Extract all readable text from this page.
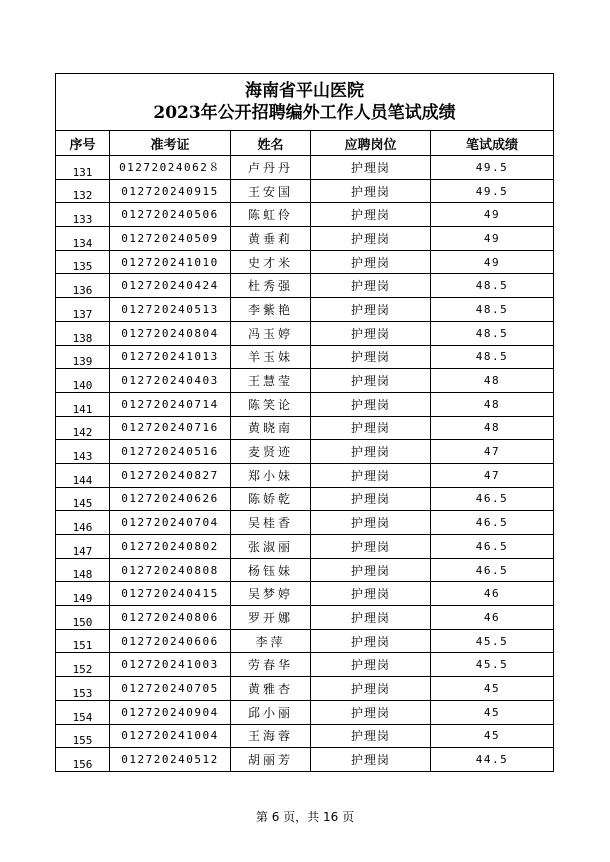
海南省平山医院
2023年公开招聘编外工作人员笔试成绩				

序号	准考证	姓名	应聘岗位	笔试成绩
131	01272024062８	卢丹丹	护理岗	49.5
132	012720240915	王安国	护理岗	49.5
133	012720240506	陈虹伶	护理岗	49
134	012720240509	黄垂莉	护理岗	49
135	012720241010	史才米	护理岗	49
136	012720240424	杜秀强	护理岗	48.5
137	012720240513	李紫艳	护理岗	48.5
138	012720240804	冯玉婷	护理岗	48.5
139	012720241013	羊玉妹	护理岗	48.5
140	012720240403	王慧莹	护理岗	48
141	012720240714	陈笑论	护理岗	48
142	012720240716	黄晓南	护理岗	48
143	012720240516	麦贤迹	护理岗	47
144	012720240827	郑小妹	护理岗	47
145	012720240626	陈娇乾	护理岗	46.5
146	012720240704	吴桂香	护理岗	46.5
147	012720240802	张淑丽	护理岗	46.5
148	012720240808	杨钰妹	护理岗	46.5
149	012720240415	吴梦婷	护理岗	46
150	012720240806	罗开娜	护理岗	46
151	012720240606	李萍	护理岗	45.5
152	012720241003	劳春华	护理岗	45.5
153	012720240705	黄雅杏	护理岗	45
154	012720240904	邱小丽	护理岗	45
155	012720241004	王海蓉	护理岗	45
156	012720240512	胡丽芳	护理岗	44.5
第 6 页，共 16 页
